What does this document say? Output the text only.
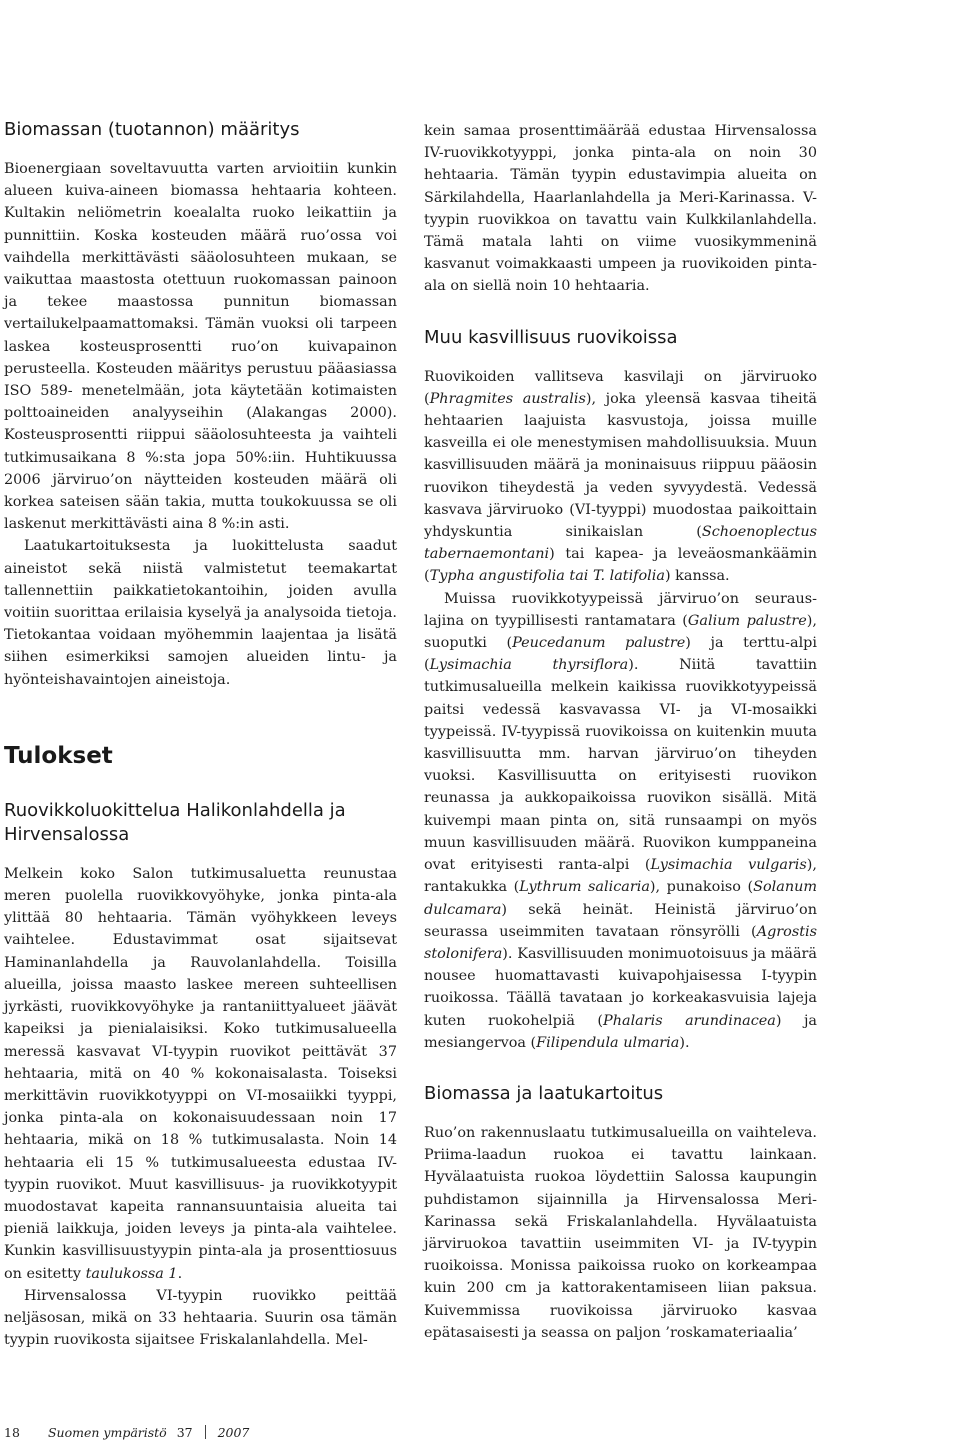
Biomassan (tuotannon) määritys

Bioenergiaan soveltavuutta varten arvioitiin kunkin alueen kuiva-aineen biomassa hehtaaria kohteen. Kultakin neliömetrin koealalta ruoko leikattiin ja punnittiin. Koska kosteuden määrä ruo’ossa voi vaihdella merkittävästi sääolosuhteen mukaan, se vaikuttaa maastosta otettuun ruokomassan painoon ja tekee maastossa punnitun biomassan vertailukelpaamattomaksi. Tämän vuoksi oli tarpeen laskea kosteusprosentti ruo’on kuivapainon perusteella. Kosteuden määritys perustuu pääasiassa ISO 589- menetelmään, jota käytetään kotimaisten polttoaineiden analyyseihin (Alakangas 2000). Kosteusprosentti riippui sääolosuhteesta ja vaihteli tutkimusaikana 8 %:sta jopa 50%:iin. Huhtikuussa 2006 järviruo’on näytteiden kosteuden määrä oli korkea sateisen sään takia, mutta toukokuussa se oli laskenut merkittävästi aina 8 %:in asti.

Laatukartoituksesta ja luokittelusta saadut aineistot sekä niistä valmistetut teemakartat tallennettiin paikkatietokantoihin, joiden avulla voitiin suorittaa erilaisia kyselyä ja analysoida tietoja. Tietokantaa voidaan myöhemmin laajentaa ja lisätä siihen esimerkiksi samojen alueiden lintu- ja hyönteishavaintojen aineistoja.

Tulokset
Ruovikkoluokittelua Halikonlahdella ja Hirvensalossa

Melkein koko Salon tutkimusaluetta reunustaa meren puolella ruovikkovyöhyke, jonka pinta-ala ylittää 80 hehtaaria. Tämän vyöhykkeen leveys vaihtelee. Edustavimmat osat sijaitsevat Haminanlahdella ja Rauvolanlahdella. Toisilla alueilla, joissa maasto laskee mereen suhteellisen jyrkästi, ruovikkovyöhyke ja rantaniittyalueet jäävät kapeiksi ja pienialaisiksi. Koko tutkimusalueella meressä kasvavat VI-tyypin ruovikot peittävät 37 hehtaaria, mitä on 40 % kokonaisalasta. Toiseksi merkittävin ruovikkotyyppi on VI-mosaiikki tyyppi, jonka pinta-ala on kokonaisuudessaan noin 17 hehtaaria, mikä on 18 % tutkimusalasta. Noin 14 hehtaaria eli 15 % tutkimusalueesta edustaa IV-tyypin ruovikot. Muut kasvillisuus- ja ruovikkotyypit muodostavat kapeita rannansuuntaisia alueita tai pieniä laikkuja, joiden leveys ja pinta-ala vaihtelee. Kunkin kasvillisuustyypin pinta-ala ja prosenttiosuus on esitetty taulukossa 1.

Hirvensalossa VI-tyypin ruovikko peittää neljäsosan, mikä on 33 hehtaaria. Suurin osa tämän tyypin ruovikosta sijaitsee Friskalanlahdella. Mel-

kein samaa prosenttimäärää edustaa Hirvensalossa IV-ruovikkotyyppi, jonka pinta-ala on noin 30 hehtaaria. Tämän tyypin edustavimpia alueita on Särkilahdella, Haarlanlahdella ja Meri-Karinassa. V-tyypin ruovikkoa on tavattu vain Kulkkilanlahdella. Tämä matala lahti on viime vuosikymmeninä kasvanut voimakkaasti umpeen ja ruovikoiden pinta-ala on siellä noin 10 hehtaaria.

Muu kasvillisuus ruovikoissa

Ruovikoiden vallitseva kasvilaji on järviruoko (Phragmites australis), joka yleensä kasvaa tiheitä hehtaarien laajuista kasvustoja, joissa muille kasveilla ei ole menestymisen mahdollisuuksia. Muun kasvillisuuden määrä ja moninaisuus riippuu pääosin ruovikon tiheydestä ja veden syvyydestä. Vedessä kasvava järviruoko (VI-tyyppi) muodostaa paikoittain yhdyskuntia sinikaislan (Schoenoplectus tabernaemontani) tai kapea- ja leveäosmankäämin (Typha angustifolia tai T. latifolia) kanssa.

Muissa ruovikkotyypeissä järviruo’on seurauslajina on tyypillisesti rantamatara (Galium palustre), suoputki (Peucedanum palustre) ja terttu-alpi (Lysimachia thyrsiflora). Niitä tavattiin tutkimusalueilla melkein kaikissa ruovikkotyypeissä paitsi vedessä kasvavassa VI- ja VI-mosaikki tyypeissä. IV-tyypissä ruovikoissa on kuitenkin muuta kasvillisuutta mm. harvan järviruo’on tiheyden vuoksi. Kasvillisuutta on erityisesti ruovikon reunassa ja aukkopaikoissa ruovikon sisällä. Mitä kuivempi maan pinta on, sitä runsaampi on myös muun kasvillisuuden määrä. Ruovikon kumppaneina ovat erityisesti ranta-alpi (Lysimachia vulgaris), rantakukka (Lythrum salicaria), punakoiso (Solanum dulcamara) sekä heinät. Heinistä järviruo’on seurassa useimmiten tavataan rönsyrölli (Agrostis stolonifera). Kasvillisuuden monimuotoisuus ja määrä nousee huomattavasti kuivapohjaisessa I-tyypin ruoikossa. Täällä tavataan jo korkeakasvuisia lajeja kuten ruokohelpiä (Phalaris arundinacea) ja mesiangervoa (Filipendula ulmaria).

Biomassa ja laatukartoitus

Ruo’on rakennuslaatu tutkimusalueilla on vaihteleva. Priima-laadun ruokoa ei tavattu lainkaan. Hyvälaatuista ruokoa löydettiin Salossa kaupungin puhdistamon sijainnilla ja Hirvensalossa Meri-Karinassa sekä Friskalanlahdella. Hyvälaatuista järviruokoa tavattiin useimmiten VI- ja IV-tyypin ruoikoissa. Monissa paikoissa ruoko on korkeampaa kuin 200 cm ja kattorakentamiseen liian paksua. Kuivemmissa ruovikoissa järviruoko kasvaa epätasaisesti ja seassa on paljon ’roskamateriaalia’

18 Suomen ympäristö 37 2007
